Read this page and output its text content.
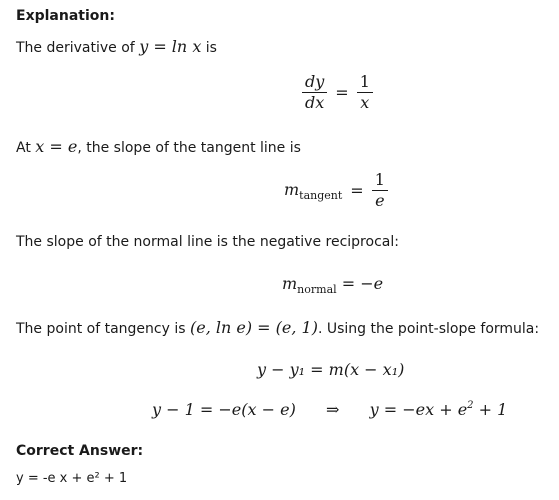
Explanation:
The derivative of y = ln x is
$\frac{dy}{dx} = \frac{1}{x}$
At x = e, the slope of the tangent line is
$m_{tangent} = \frac{1}{e}$
The slope of the normal line is the negative reciprocal:
$m_{normal} = -e$
The point of tangency is (e, ln e) = (e, 1). Using the point-slope formula:
y − y₁ = m(x − x₁)
y − 1 = −e(x − e) ⇒ $y = -ex + e^2 + 1$
Correct Answer:
y = -e x + e² + 1
